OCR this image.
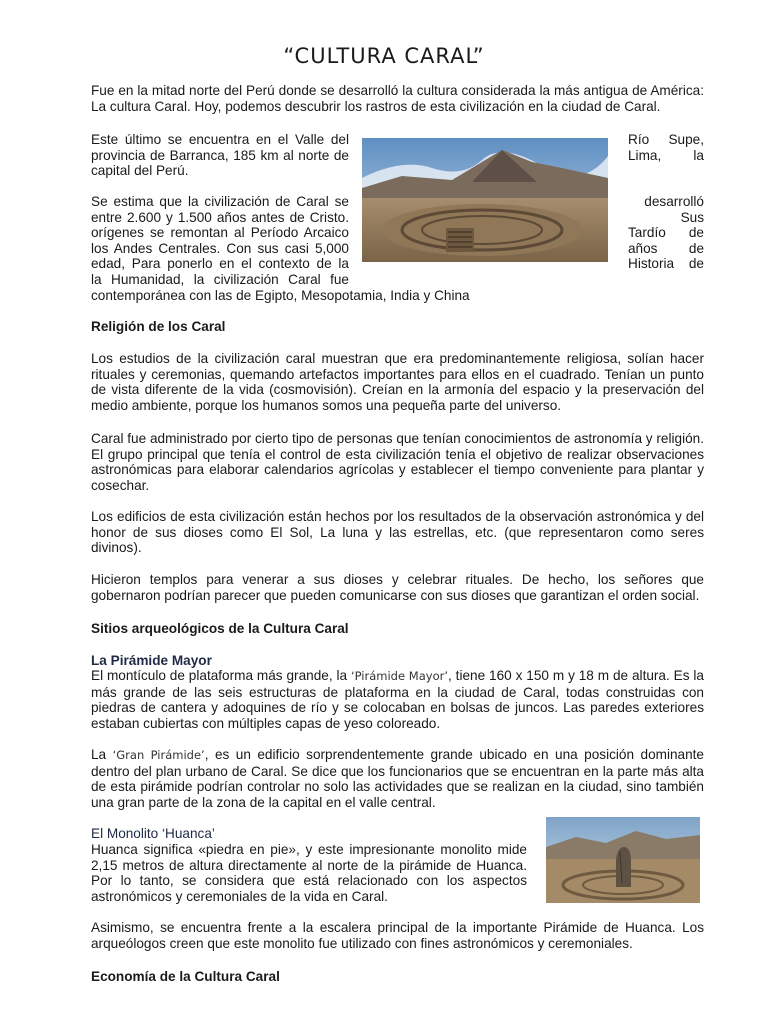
“CULTURA CARAL”

Fue en la mitad norte del Perú donde se desarrolló la cultura considerada la más antigua de América: La cultura Caral. Hoy, podemos descubrir los rastros de esta civilización en la ciudad de Caral.

Este último se encuentra en el Valle del

provincia de Barranca, 185 km al norte de

capital del Perú.

Río Supe,

Lima, la

Se estima que la civilización de Caral se

entre 2.600 y 1.500 años antes de Cristo.

orígenes se remontan al Período Arcaico

los Andes Centrales. Con sus casi 5,000

edad, Para ponerlo en el contexto de la

desarrolló

Sus

Tardío de

años de

Historia de

la Humanidad, la civilización Caral fue

contemporánea con las de Egipto, Mesopotamia, India y China

Religión de los Caral

Los estudios de la civilización caral muestran que era predominantemente religiosa, solían hacer rituales y ceremonias, quemando artefactos importantes para ellos en el cuadrado. Tenían un punto de vista diferente de la vida (cosmovisión). Creían en la armonía del espacio y la preservación del medio ambiente, porque los humanos somos una pequeña parte del universo.

Caral fue administrado por cierto tipo de personas que tenían conocimientos de astronomía y religión. El grupo principal que tenía el control de esta civilización tenía el objetivo de realizar observaciones astronómicas para elaborar calendarios agrícolas y establecer el tiempo conveniente para plantar y cosechar.

Los edificios de esta civilización están hechos por los resultados de la observación astronómica y del honor de sus dioses como El Sol, La luna y las estrellas, etc. (que representaron como seres divinos).

Hicieron templos para venerar a sus dioses y celebrar rituales. De hecho, los señores que gobernaron podrían parecer que pueden comunicarse con sus dioses que garantizan el orden social.

Sitios arqueológicos de la Cultura Caral

La Pirámide Mayor

El montículo de plataforma más grande, la ‘Pirámide Mayor’, tiene 160 x 150 m y 18 m de altura. Es la más grande de las seis estructuras de plataforma en la ciudad de Caral, todas construidas con piedras de cantera y adoquines de río y se colocaban en bolsas de juncos. Las paredes exteriores estaban cubiertas con múltiples capas de yeso coloreado.

La ‘Gran Pirámide’, es un edificio sorprendentemente grande ubicado en una posición dominante dentro del plan urbano de Caral. Se dice que los funcionarios que se encuentran en la parte más alta de esta pirámide podrían controlar no solo las actividades que se realizan en la ciudad, sino también una gran parte de la zona de la capital en el valle central.

El Monolito ‘Huanca’

Huanca significa «piedra en pie», y este impresionante monolito mide

2,15 metros de altura directamente al norte de la pirámide de Huanca.

Por lo tanto, se considera que está relacionado con los aspectos

astronómicos y ceremoniales de la vida en Caral.

Asimismo, se encuentra frente a la escalera principal de la importante Pirámide de Huanca. Los arqueólogos creen que este monolito fue utilizado con fines astronómicos y ceremoniales.

Economía de la Cultura Caral
